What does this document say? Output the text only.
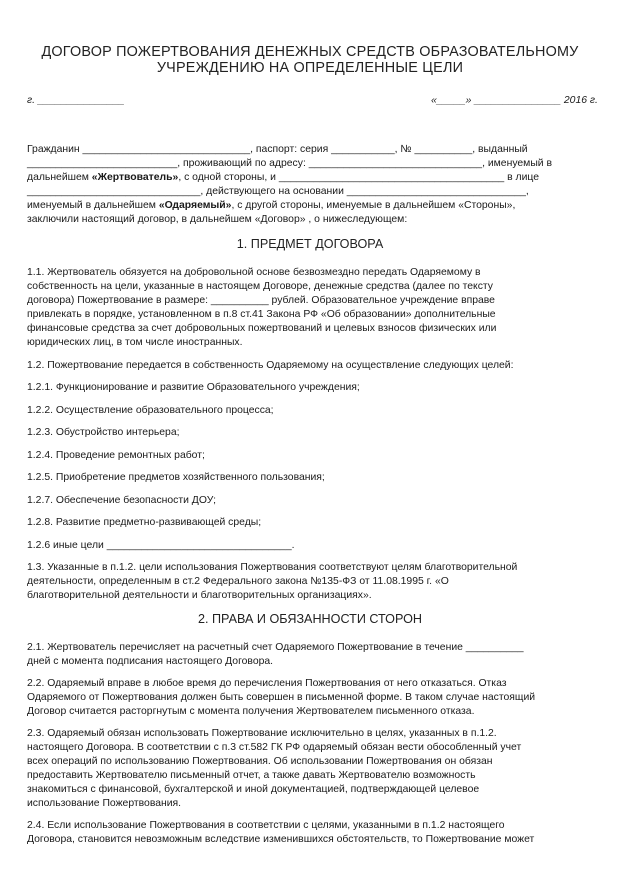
ДОГОВОР ПОЖЕРТВОВАНИЯ ДЕНЕЖНЫХ СРЕДСТВ ОБРАЗОВАТЕЛЬНОМУ
УЧРЕЖДЕНИЮ НА ОПРЕДЕЛЕННЫЕ ЦЕЛИ
г. _______________	«_____» _______________ 2016 г.
Гражданин _____________________________, паспорт: серия ___________, № __________, выданный
__________________________, проживающий по адресу: ______________________________, именуемый в
дальнейшем «Жертвователь», с одной стороны, и _______________________________________ в лице
______________________________, действующего на основании _______________________________,
именуемый в дальнейшем «Одаряемый», с другой стороны, именуемые в дальнейшем «Стороны»,
заключили настоящий договор, в дальнейшем «Договор» , о нижеследующем:
1. ПРЕДМЕТ ДОГОВОРА
1.1. Жертвователь обязуется на добровольной основе безвозмездно передать Одаряемому в
собственность на цели, указанные в настоящем Договоре, денежные средства (далее по тексту
договора) Пожертвование в размере: __________ рублей. Образовательное учреждение вправе
привлекать в порядке, установленном в п.8 ст.41 Закона РФ «Об образовании» дополнительные
финансовые средства за счет добровольных пожертвований и целевых взносов физических или
юридических лиц, в том числе иностранных.
1.2. Пожертвование передается в собственность Одаряемому на осуществление следующих целей:
1.2.1. Функционирование и развитие Образовательного учреждения;
1.2.2. Осуществление образовательного процесса;
1.2.3. Обустройство интерьера;
1.2.4. Проведение ремонтных работ;
1.2.5. Приобретение предметов хозяйственного пользования;
1.2.7. Обеспечение безопасности ДОУ;
1.2.8. Развитие предметно-развивающей среды;
1.2.6 иные цели ________________________________.
1.3. Указанные в п.1.2. цели использования Пожертвования соответствуют целям благотворительной
деятельности, определенным в ст.2 Федерального закона №135-ФЗ от 11.08.1995 г. «О
благотворительной деятельности и благотворительных организациях».
2. ПРАВА И ОБЯЗАННОСТИ СТОРОН
2.1. Жертвователь перечисляет на расчетный счет Одаряемого Пожертвование в течение __________
дней с момента подписания настоящего Договора.
2.2. Одаряемый вправе в любое время до перечисления Пожертвования от него отказаться. Отказ
Одаряемого от Пожертвования должен быть совершен в письменной форме. В таком случае настоящий
Договор считается расторгнутым с момента получения Жертвователем письменного отказа.
2.3. Одаряемый обязан использовать Пожертвование исключительно в целях, указанных в п.1.2.
настоящего Договора. В соответствии с п.3 ст.582 ГК РФ одаряемый обязан вести обособленный учет
всех операций по использованию Пожертвования. Об использовании Пожертвования он обязан
предоставить Жертвователю письменный отчет, а также давать Жертвователю возможность
знакомиться с финансовой, бухгалтерской и иной документацией, подтверждающей целевое
использование Пожертвования.
2.4. Если использование Пожертвования в соответствии с целями, указанными в п.1.2 настоящего
Договора, становится невозможным вследствие изменившихся обстоятельств, то Пожертвование может
